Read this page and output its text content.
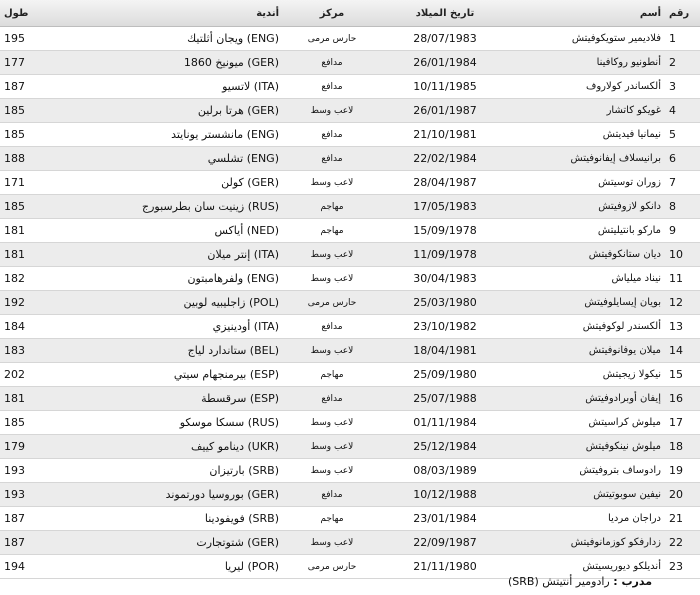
طول	أندية	مركز	تاريخ الميلاد	أسم	رقم
195	ويجان أثلتيك (ENG)	حارس مرمى	28/07/1983	فلاديمير ستويكوفيتش	1
177	ميونيخ 1860 (GER)	مدافع	26/01/1984	أنطونيو روكافينا	2
187	لاتسيو (ITA)	مدافع	10/11/1985	ألكساندر كولاروف	3
185	هرتا برلين (GER)	لاعب وسط	26/01/1987	غويكو كاتشار	4
185	مانشستر يونايتد (ENG)	مدافع	21/10/1981	نيمانيا فيديتش	5
188	تشلسي (ENG)	مدافع	22/02/1984	برانيسلاف إيفانوفيتش	6
171	كولن (GER)	لاعب وسط	28/04/1987	زوران توسيتش	7
185	زينيت سان بطرسبورج (RUS)	مهاجم	17/05/1983	دانكو لازوفيتش	8
181	أياكس (NED)	مهاجم	15/09/1978	ماركو بانتيليتش	9
181	إنتر ميلان (ITA)	لاعب وسط	11/09/1978	ديان ستانكوفيتش	10
182	ولفرهامبتون (ENG)	لاعب وسط	30/04/1983	نيناد ميلياش	11
192	زاجليبيه لوبين (POL)	حارس مرمى	25/03/1980	بويان إيسايلوفيتش	12
184	أودينيزي (ITA)	مدافع	23/10/1982	ألكسندر لوكوفيتش	13
183	ستاندارد لياج (BEL)	لاعب وسط	18/04/1981	ميلان يوفانوفيتش	14
202	بيرمنجهام سيتي (ESP)	مهاجم	25/09/1980	نيكولا زيجيتش	15
181	سرقسطة (ESP)	مدافع	25/07/1988	إيفان أوبرادوفيتش	16
185	سسكا موسكو (RUS)	لاعب وسط	01/11/1984	ميلوش كراسيتش	17
179	دينامو كييف (UKR)	لاعب وسط	25/12/1984	ميلوش نينكوفيتش	18
193	بارتيزان (SRB)	لاعب وسط	08/03/1989	رادوساف بتروفيتش	19
193	بوروسيا دورتموند (GER)	مدافع	10/12/1988	نيفين سوبوتيتش	20
187	فويفودينا (SRB)	مهاجم	23/01/1984	دراجان مرديا	21
187	شتوتجارت (GER)	لاعب وسط	22/09/1987	زدارفكو كوزمانوفيتش	22
194	ليريا (POR)	حارس مرمى	21/11/1980	أنديلكو ديوريسيتش	23
مدرب : رادومير أنتيتش (SRB)
